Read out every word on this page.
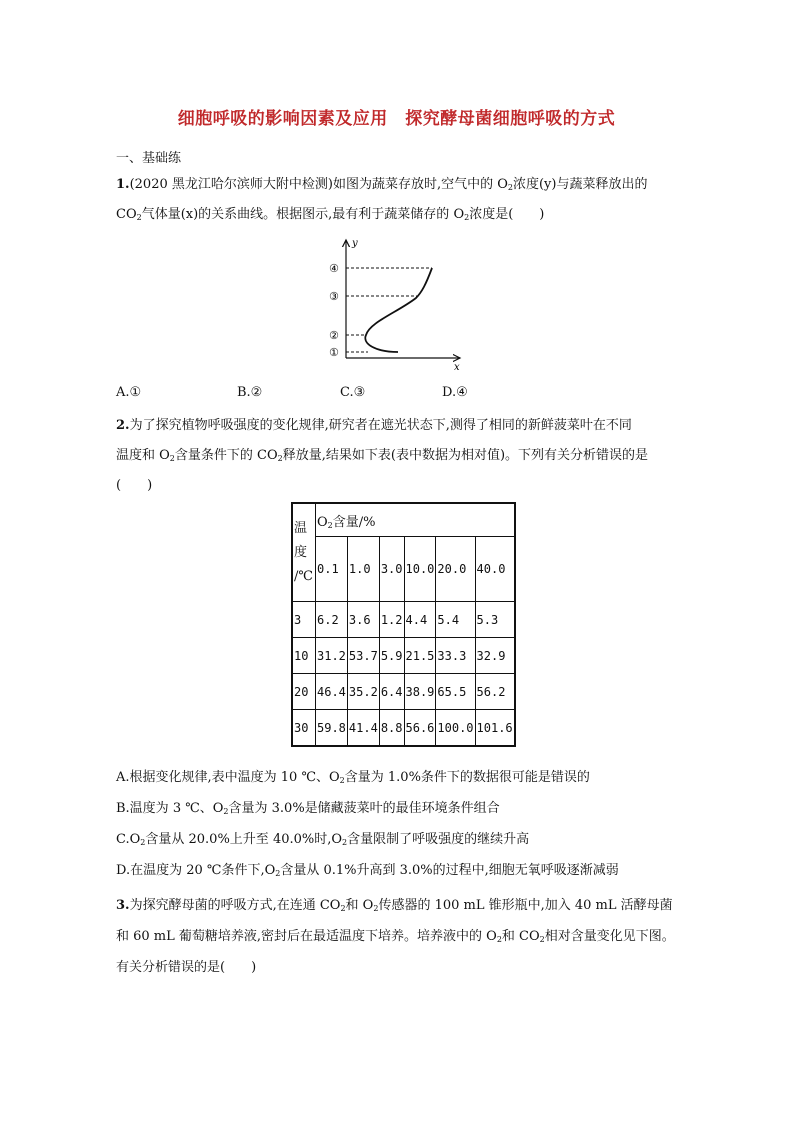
细胞呼吸的影响因素及应用　探究酵母菌细胞呼吸的方式
一、基础练
1.(2020 黑龙江哈尔滨师大附中检测)如图为蔬菜存放时,空气中的 $O_2$浓度(y)与蔬菜释放出的
$CO_2$气体量(x)的关系曲线。根据图示,最有利于蔬菜储存的 $O_2$浓度是(　　)
y
x
④
③
②
①
A.①	B.②	C.③	D.④
2.为了探究植物呼吸强度的变化规律,研究者在遮光状态下,测得了相同的新鲜菠菜叶在不同
温度和 $O_2$含量条件下的 $CO_2$释放量,结果如下表(表中数据为相对值)。下列有关分析错误的是
(　　)
温
度
/℃	$O_2$含量/%					
	0.1	1.0	3.0	10.0	20.0	40.0
3	6.2	3.6	1.2	4.4	5.4	5.3
10	31.2	53.7	5.9	21.5	33.3	32.9
20	46.4	35.2	6.4	38.9	65.5	56.2
30	59.8	41.4	8.8	56.6	100.0	101.6
A.根据变化规律,表中温度为 10 ℃、$O_2$含量为 1.0%条件下的数据很可能是错误的
B.温度为 3 ℃、$O_2$含量为 3.0%是储藏菠菜叶的最佳环境条件组合
$C.O_2$含量从 20.0%上升至 40.0%时$,O_2$含量限制了呼吸强度的继续升高
D.在温度为 20 ℃条件下$,O_2$含量从 0.1%升高到 3.0%的过程中,细胞无氧呼吸逐渐减弱
3.为探究酵母菌的呼吸方式,在连通 $CO_2$和 $O_2$传感器的 100 mL 锥形瓶中,加入 40 mL 活酵母菌
和 60 mL 葡萄糖培养液,密封后在最适温度下培养。培养液中的 $O_2$和 $CO_2$相对含量变化见下图。
有关分析错误的是(　　)
